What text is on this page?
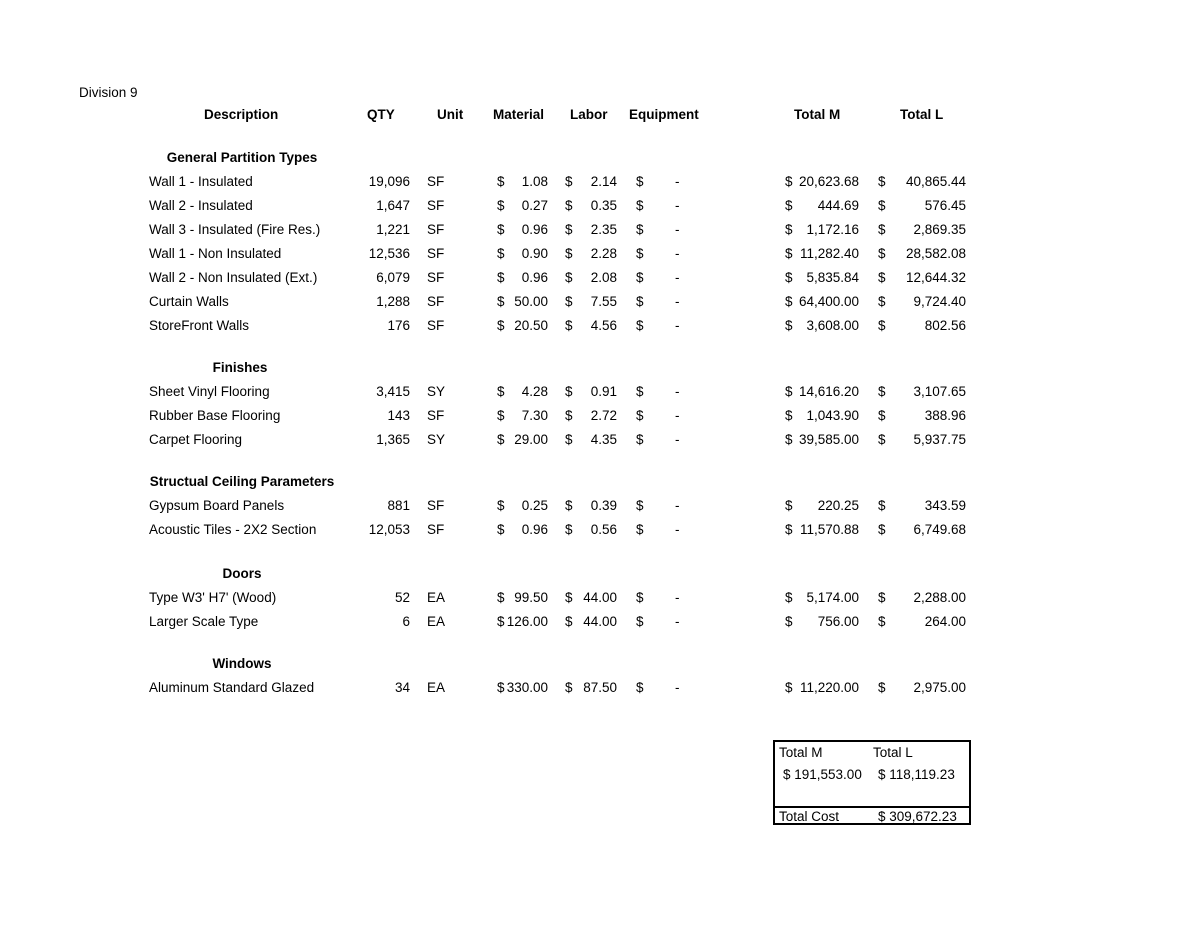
Division 9
Description	QTY	Unit Material Labor Equipment	Total M	Total L
General Partition Types
Wall 1 - Insulated	19,096 SF	$	1.08 $	2.14 $ -	$ 20,623.68 $	40,865.44
Wall 2 - Insulated	1,647 SF	$	0.27 $	0.35 $ -	$	444.69 $	576.45
Wall 3 - Insulated (Fire Res.)	1,221 SF	$	0.96 $	2.35 $ -	$	1,172.16 $	2,869.35
Wall 1 - Non Insulated	12,536 SF	$	0.90 $	2.28 $ -	$ 11,282.40 $	28,582.08
Wall 2 - Non Insulated (Ext.)	6,079 SF	$	0.96 $	2.08 $ -	$	5,835.84 $	12,644.32
Curtain Walls	1,288 SF	$ 50.00 $	7.55 $ -	$ 64,400.00 $	9,724.40
StoreFront Walls	176 SF	$ 20.50 $	4.56 $ -	$	3,608.00 $	802.56
Finishes
Sheet Vinyl Flooring	3,415 SY	$	4.28 $	0.91 $ -	$ 14,616.20 $	3,107.65
Rubber Base Flooring	143 SF	$	7.30 $	2.72 $ -	$	1,043.90 $	388.96
Carpet Flooring	1,365 SY	$ 29.00 $	4.35 $ -	$ 39,585.00 $	5,937.75
Structual Ceiling Parameters
Gypsum Board Panels	881 SF	$	0.25 $	0.39 $ -	$	220.25 $	343.59
Acoustic Tiles - 2X2 Section	12,053 SF	$	0.96 $	0.56 $ -	$ 11,570.88 $	6,749.68
Doors
Type W3' H7' (Wood)	52 EA	$ 99.50 $ 44.00 $ -	$	5,174.00 $	2,288.00
Larger Scale Type	6 EA	$ 126.00 $ 44.00 $ -	$	756.00 $	264.00
Windows
Aluminum Standard Glazed	34 EA	$ 330.00 $ 87.50 $ -	$ 11,220.00 $	2,975.00
Total M	Total L
$ 191,553.00 $ 118,119.23
Total Cost	$ 309,672.23
